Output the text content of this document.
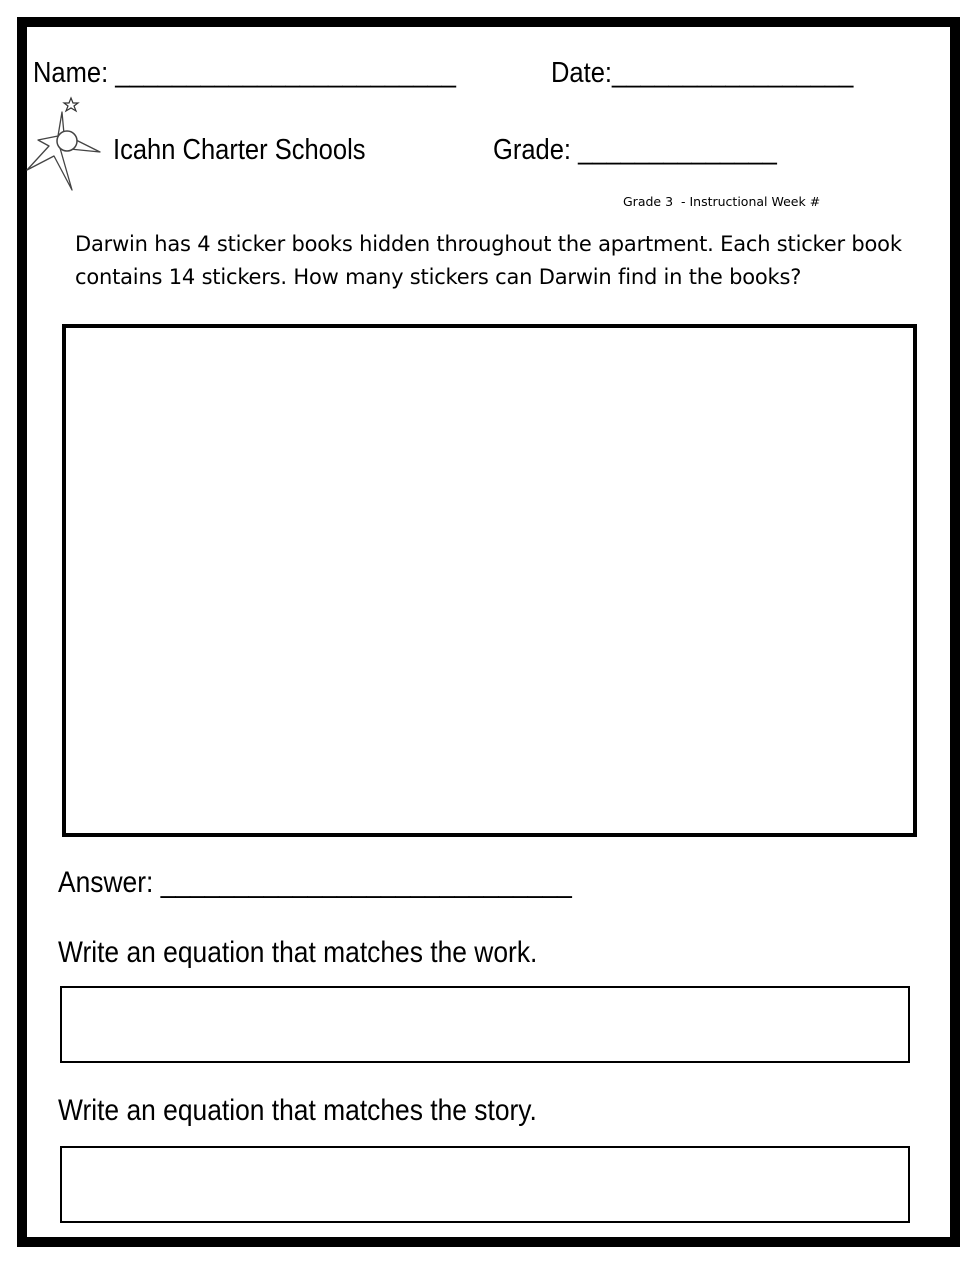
Name: ________________________	Date:_________________
Icahn Charter Schools	Grade: ______________
Grade 3  - Instructional Week #
Darwin has 4 sticker books hidden throughout the apartment. Each sticker book contains 14 stickers. How many stickers can Darwin find in the books?
Answer: ____________________________
Write an equation that matches the work.
Write an equation that matches the story.
